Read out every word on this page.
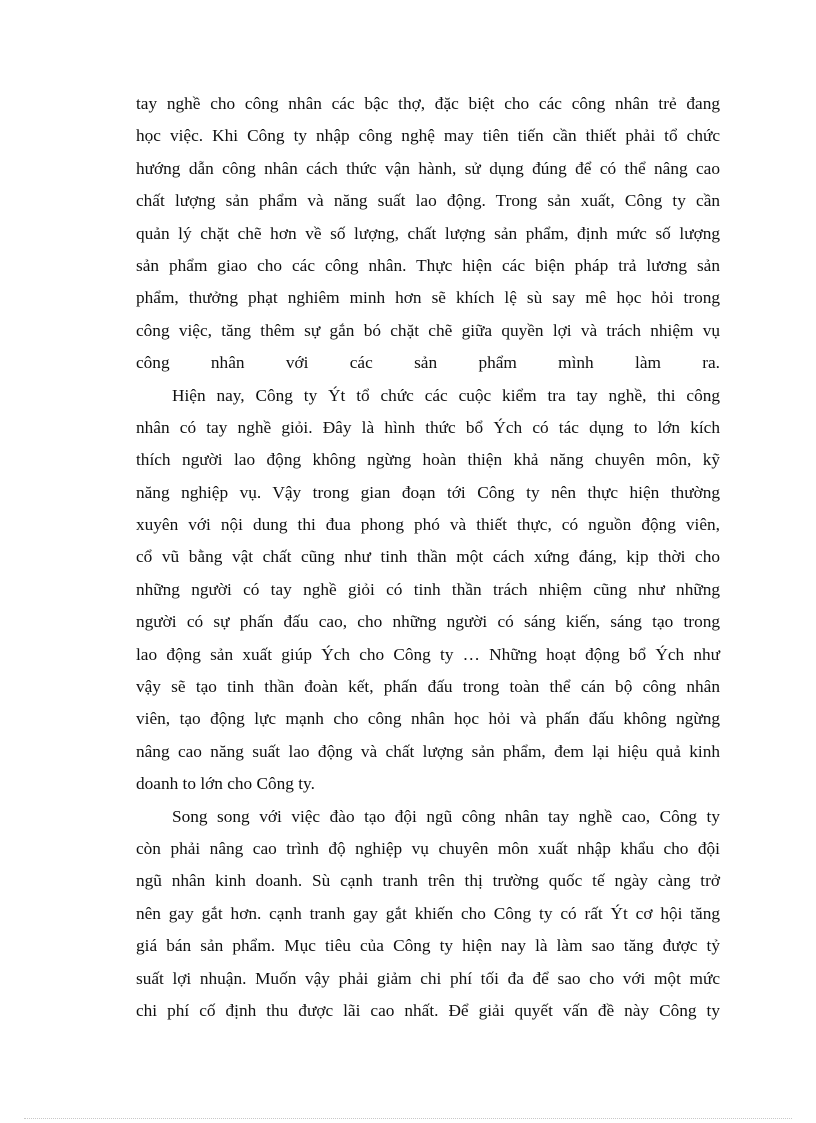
tay nghề cho công nhân các bậc thợ, đặc biệt cho các công nhân trẻ đang
học việc. Khi Công ty nhập công nghệ may tiên tiến cần thiết phải tổ chức
hướng dẫn công nhân cách thức vận hành, sử dụng đúng để có thể nâng cao
chất lượng sản phẩm và năng suất lao động. Trong sản xuất, Công ty cần
quản lý chặt chẽ hơn về số lượng, chất lượng sản phẩm, định mức số lượng
sản phẩm giao cho các công nhân. Thực hiện các biện pháp trả lương sản
phẩm, thưởng phạt nghiêm minh hơn sẽ khích lệ sù say mê học hỏi trong
công việc, tăng thêm sự gắn bó chặt chẽ giữa quyền lợi và trách nhiệm vụ
công nhân với các sản phẩm mình làm ra.
Hiện nay, Công ty Ýt tổ chức các cuộc kiểm tra tay nghề, thi công
nhân có tay nghề giỏi. Đây là hình thức bổ Ých có tác dụng to lớn kích
thích người lao động không ngừng hoàn thiện khả năng chuyên môn, kỹ
năng nghiệp vụ. Vậy trong gian đoạn tới Công ty nên thực hiện thường
xuyên với nội dung thi đua phong phó và thiết thực, có nguồn động viên,
cổ vũ bằng vật chất cũng như tinh thần một cách xứng đáng, kịp thời cho
những người có tay nghề giỏi có tinh thần trách nhiệm cũng như những
người có sự phấn đấu cao, cho những người có sáng kiến, sáng tạo trong
lao động sản xuất giúp Ých cho Công ty … Những hoạt động bổ Ých như
vậy sẽ tạo tinh thần đoàn kết, phấn đấu trong toàn thể cán bộ công nhân
viên, tạo động lực mạnh cho công nhân học hỏi và phấn đấu không ngừng
nâng cao năng suất lao động và chất lượng sản phẩm, đem lại hiệu quả kinh
doanh to lớn cho Công ty.
Song song với việc đào tạo đội ngũ công nhân tay nghề cao, Công ty
còn phải nâng cao trình độ nghiệp vụ chuyên môn xuất nhập khẩu cho đội
ngũ nhân kinh doanh. Sù cạnh tranh trên thị trường quốc tế ngày càng trở
nên gay gắt hơn. cạnh tranh gay gắt khiến cho Công ty có rất Ýt cơ hội tăng
giá bán sản phẩm. Mục tiêu của Công ty hiện nay là làm sao tăng được tỷ
suất lợi nhuận. Muốn vậy phải giảm chi phí tối đa để sao cho với một mức
chi phí cố định thu được lãi cao nhất. Để giải quyết vấn đề này Công ty
